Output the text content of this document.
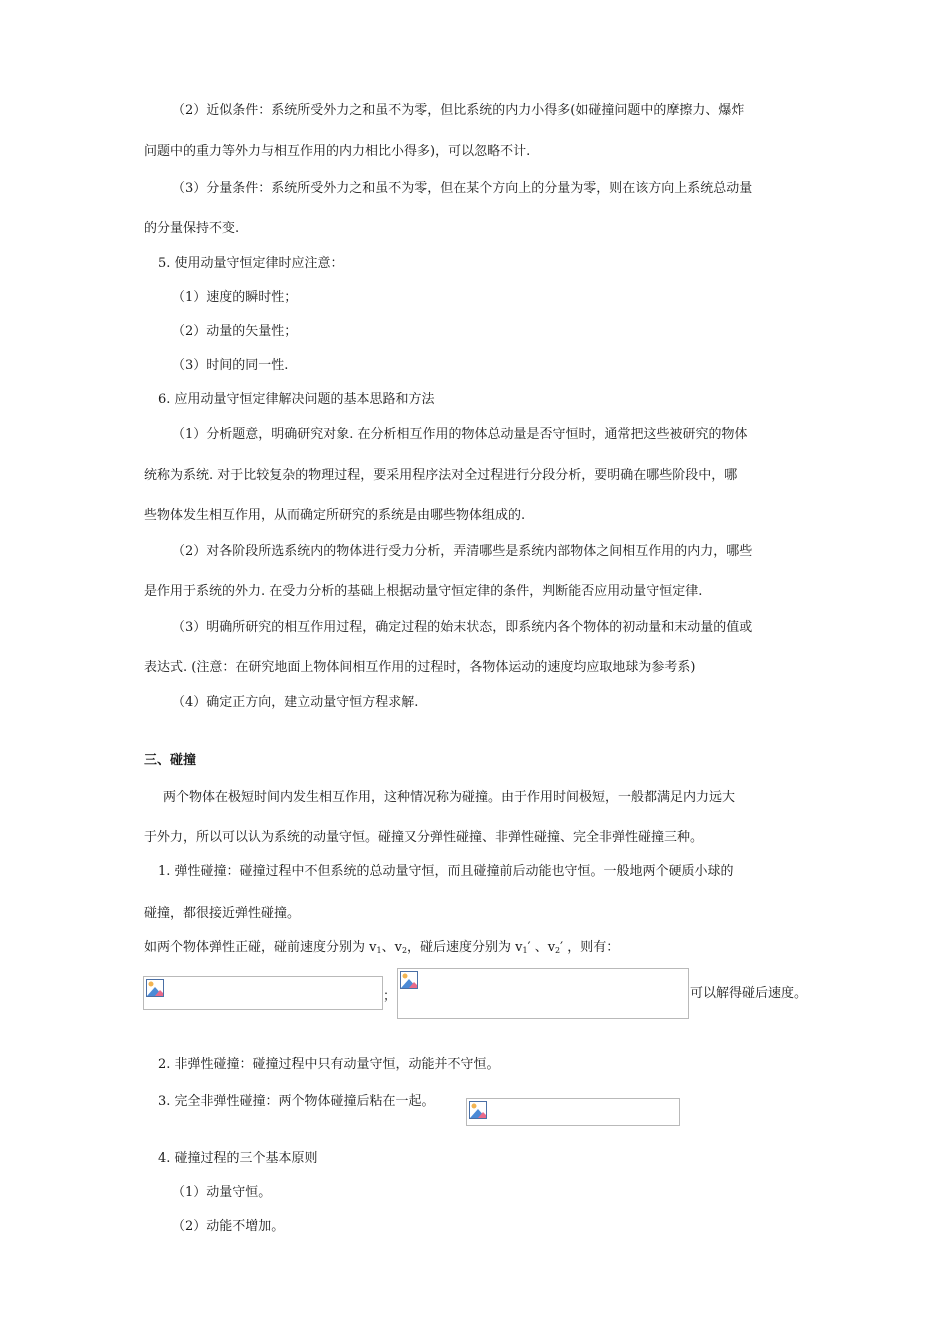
（2）近似条件：系统所受外力之和虽不为零，但比系统的内力小得多(如碰撞问题中的摩擦力、爆炸
问题中的重力等外力与相互作用的内力相比小得多)，可以忽略不计.
（3）分量条件：系统所受外力之和虽不为零，但在某个方向上的分量为零，则在该方向上系统总动量
的分量保持不变.
5. 使用动量守恒定律时应注意：
（1）速度的瞬时性；
（2）动量的矢量性；
（3）时间的同一性.
6. 应用动量守恒定律解决问题的基本思路和方法
（1）分析题意，明确研究对象. 在分析相互作用的物体总动量是否守恒时，通常把这些被研究的物体
统称为系统. 对于比较复杂的物理过程，要采用程序法对全过程进行分段分析，要明确在哪些阶段中，哪
些物体发生相互作用，从而确定所研究的系统是由哪些物体组成的.
（2）对各阶段所选系统内的物体进行受力分析，弄清哪些是系统内部物体之间相互作用的内力，哪些
是作用于系统的外力. 在受力分析的基础上根据动量守恒定律的条件，判断能否应用动量守恒定律.
（3）明确所研究的相互作用过程，确定过程的始末状态，即系统内各个物体的初动量和末动量的值或
表达式. (注意：在研究地面上物体间相互作用的过程时，各物体运动的速度均应取地球为参考系)
（4）确定正方向，建立动量守恒方程求解.
三、碰撞
两个物体在极短时间内发生相互作用，这种情况称为碰撞。由于作用时间极短，一般都满足内力远大
于外力，所以可以认为系统的动量守恒。碰撞又分弹性碰撞、非弹性碰撞、完全非弹性碰撞三种。
1. 弹性碰撞：碰撞过程中不但系统的总动量守恒，而且碰撞前后动能也守恒。一般地两个硬质小球的
碰撞，都很接近弹性碰撞。
如两个物体弹性正碰，碰前速度分别为 $v_1$、$v_2$，碰后速度分别为 $v_1'$ 、$v_2'$ ，则有：
；	可以解得碰后速度。
2. 非弹性碰撞：碰撞过程中只有动量守恒，动能并不守恒。
3. 完全非弹性碰撞：两个物体碰撞后粘在一起。
4. 碰撞过程的三个基本原则
（1）动量守恒。
（2）动能不增加。
